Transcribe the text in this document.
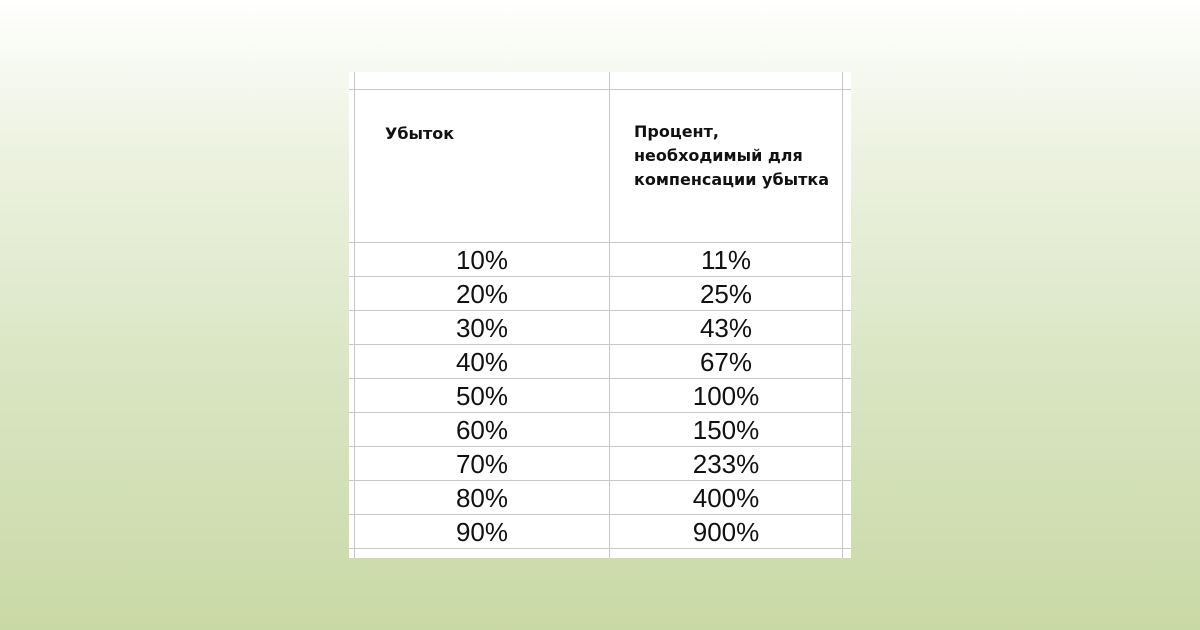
Убыток	Процент, необходимый для компенсации убытка
10%
20%
30%
40%
50%
60%
70%
80%
90%
11%
25%
43%
67%
100%
150%
233%
400%
900%
